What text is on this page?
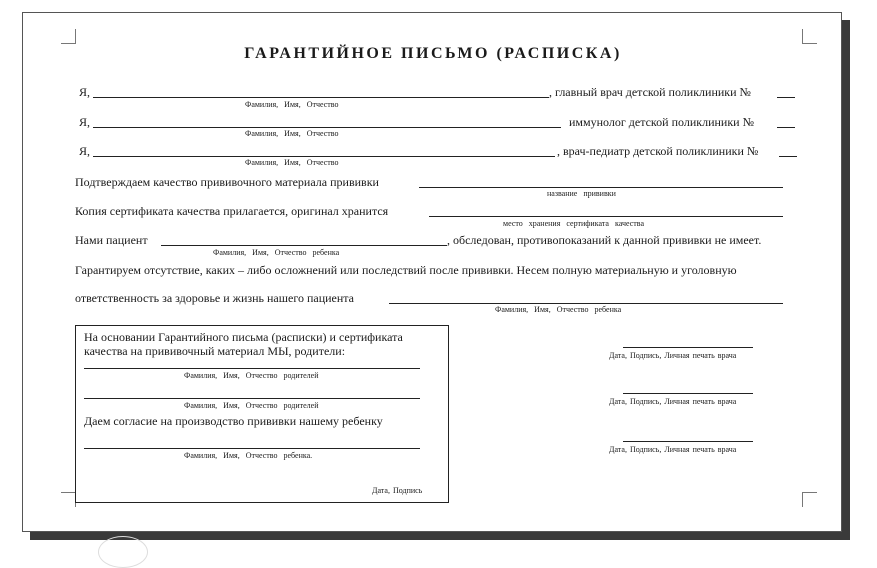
ГАРАНТИЙНОЕ ПИСЬМО (РАСПИСКА)
Я,	, главный врач детской поликлиники №
Фамилия, Имя, Отчество
Я,	иммунолог детской поликлиники №
Фамилия, Имя, Отчество
Я,	, врач-педиатр детской поликлиники №
Фамилия, Имя, Отчество
Подтверждаем качество прививочного материала прививки
название прививки
Копия сертификата качества прилагается, оригинал хранится
место хранения сертификата качества
Нами пациент	, обследован, противопоказаний к данной прививки не имеет.
Фамилия, Имя, Отчество ребенка
Гарантируем отсутствие, каких – либо осложнений или последствий после прививки. Несем полную материальную и уголовную
ответственность за здоровье и жизнь нашего пациента
Фамилия, Имя, Отчество ребенка
На основании Гарантийного письма (расписки) и сертификата
качества на прививочный материал МЫ, родители:
Фамилия, Имя, Отчество родителей
Фамилия, Имя, Отчество родителей
Даем согласие на производство прививки нашему ребенку
Фамилия, Имя, Отчество ребенка.
Дата, Подпись
Дата, Подпись, Личная печать врача
Дата, Подпись, Личная печать врача
Дата, Подпись, Личная печать врача
